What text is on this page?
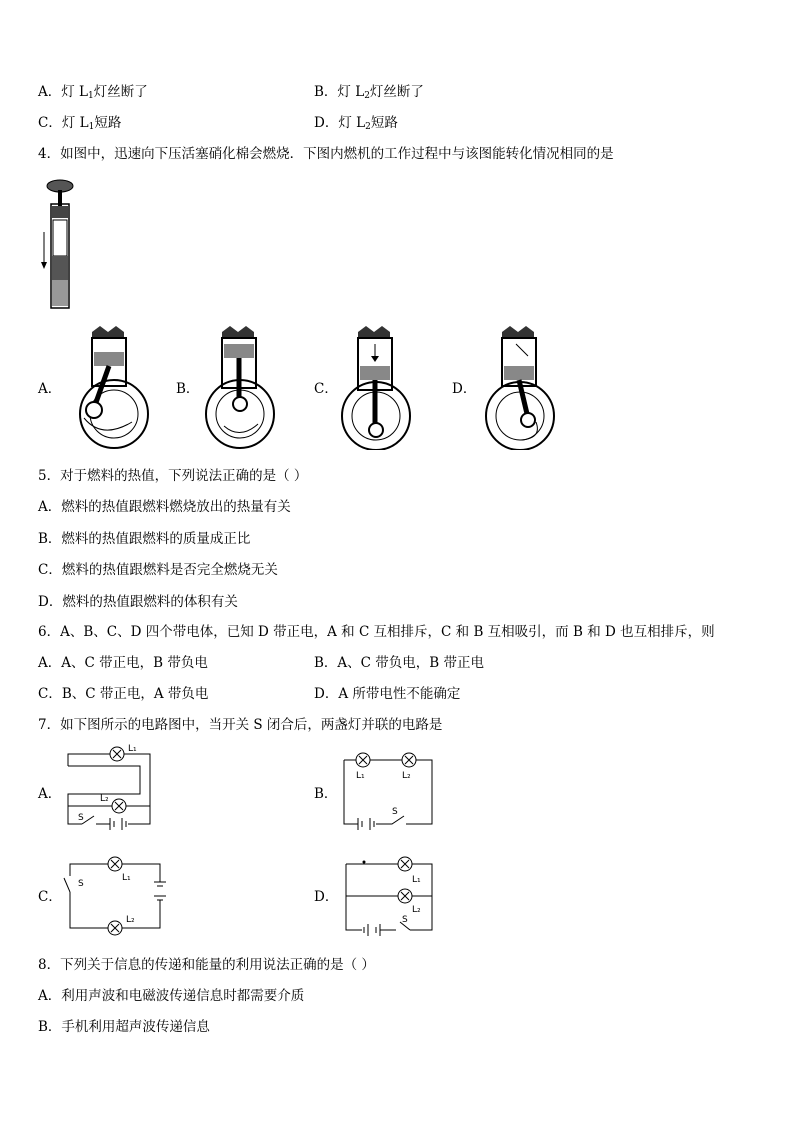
A．灯 $L_1$灯丝断了	B．灯 $L_2$灯丝断了
C．灯 $L_1$短路	D．灯 $L_2$短路
4．如图中，迅速向下压活塞硝化棉会燃烧．下图内燃机的工作过程中与该图能转化情况相同的是
A．	B．	C．	D．
5．对于燃料的热值，下列说法正确的是（ ）
A．燃料的热值跟燃料燃烧放出的热量有关
B．燃料的热值跟燃料的质量成正比
C．燃料的热值跟燃料是否完全燃烧无关
D．燃料的热值跟燃料的体积有关
6．A、B、C、D 四个带电体，已知 D 带正电，A 和 C 互相排斥，C 和 B 互相吸引，而 B 和 D 也互相排斥，则
A．A、C 带正电，B 带负电	B．A、C 带负电，B 带正电
C．B、C 带正电，A 带负电	D．A 所带电性不能确定
7．如下图所示的电路图中，当开关 S 闭合后，两盏灯并联的电路是
A．	B．
C．	D．
L₁
L₂
S
L₁	L₂
S
S
L₁
L₂
L₁
L₂
S
8．下列关于信息的传递和能量的利用说法正确的是（ ）
A．利用声波和电磁波传递信息时都需要介质
B．手机利用超声波传递信息
